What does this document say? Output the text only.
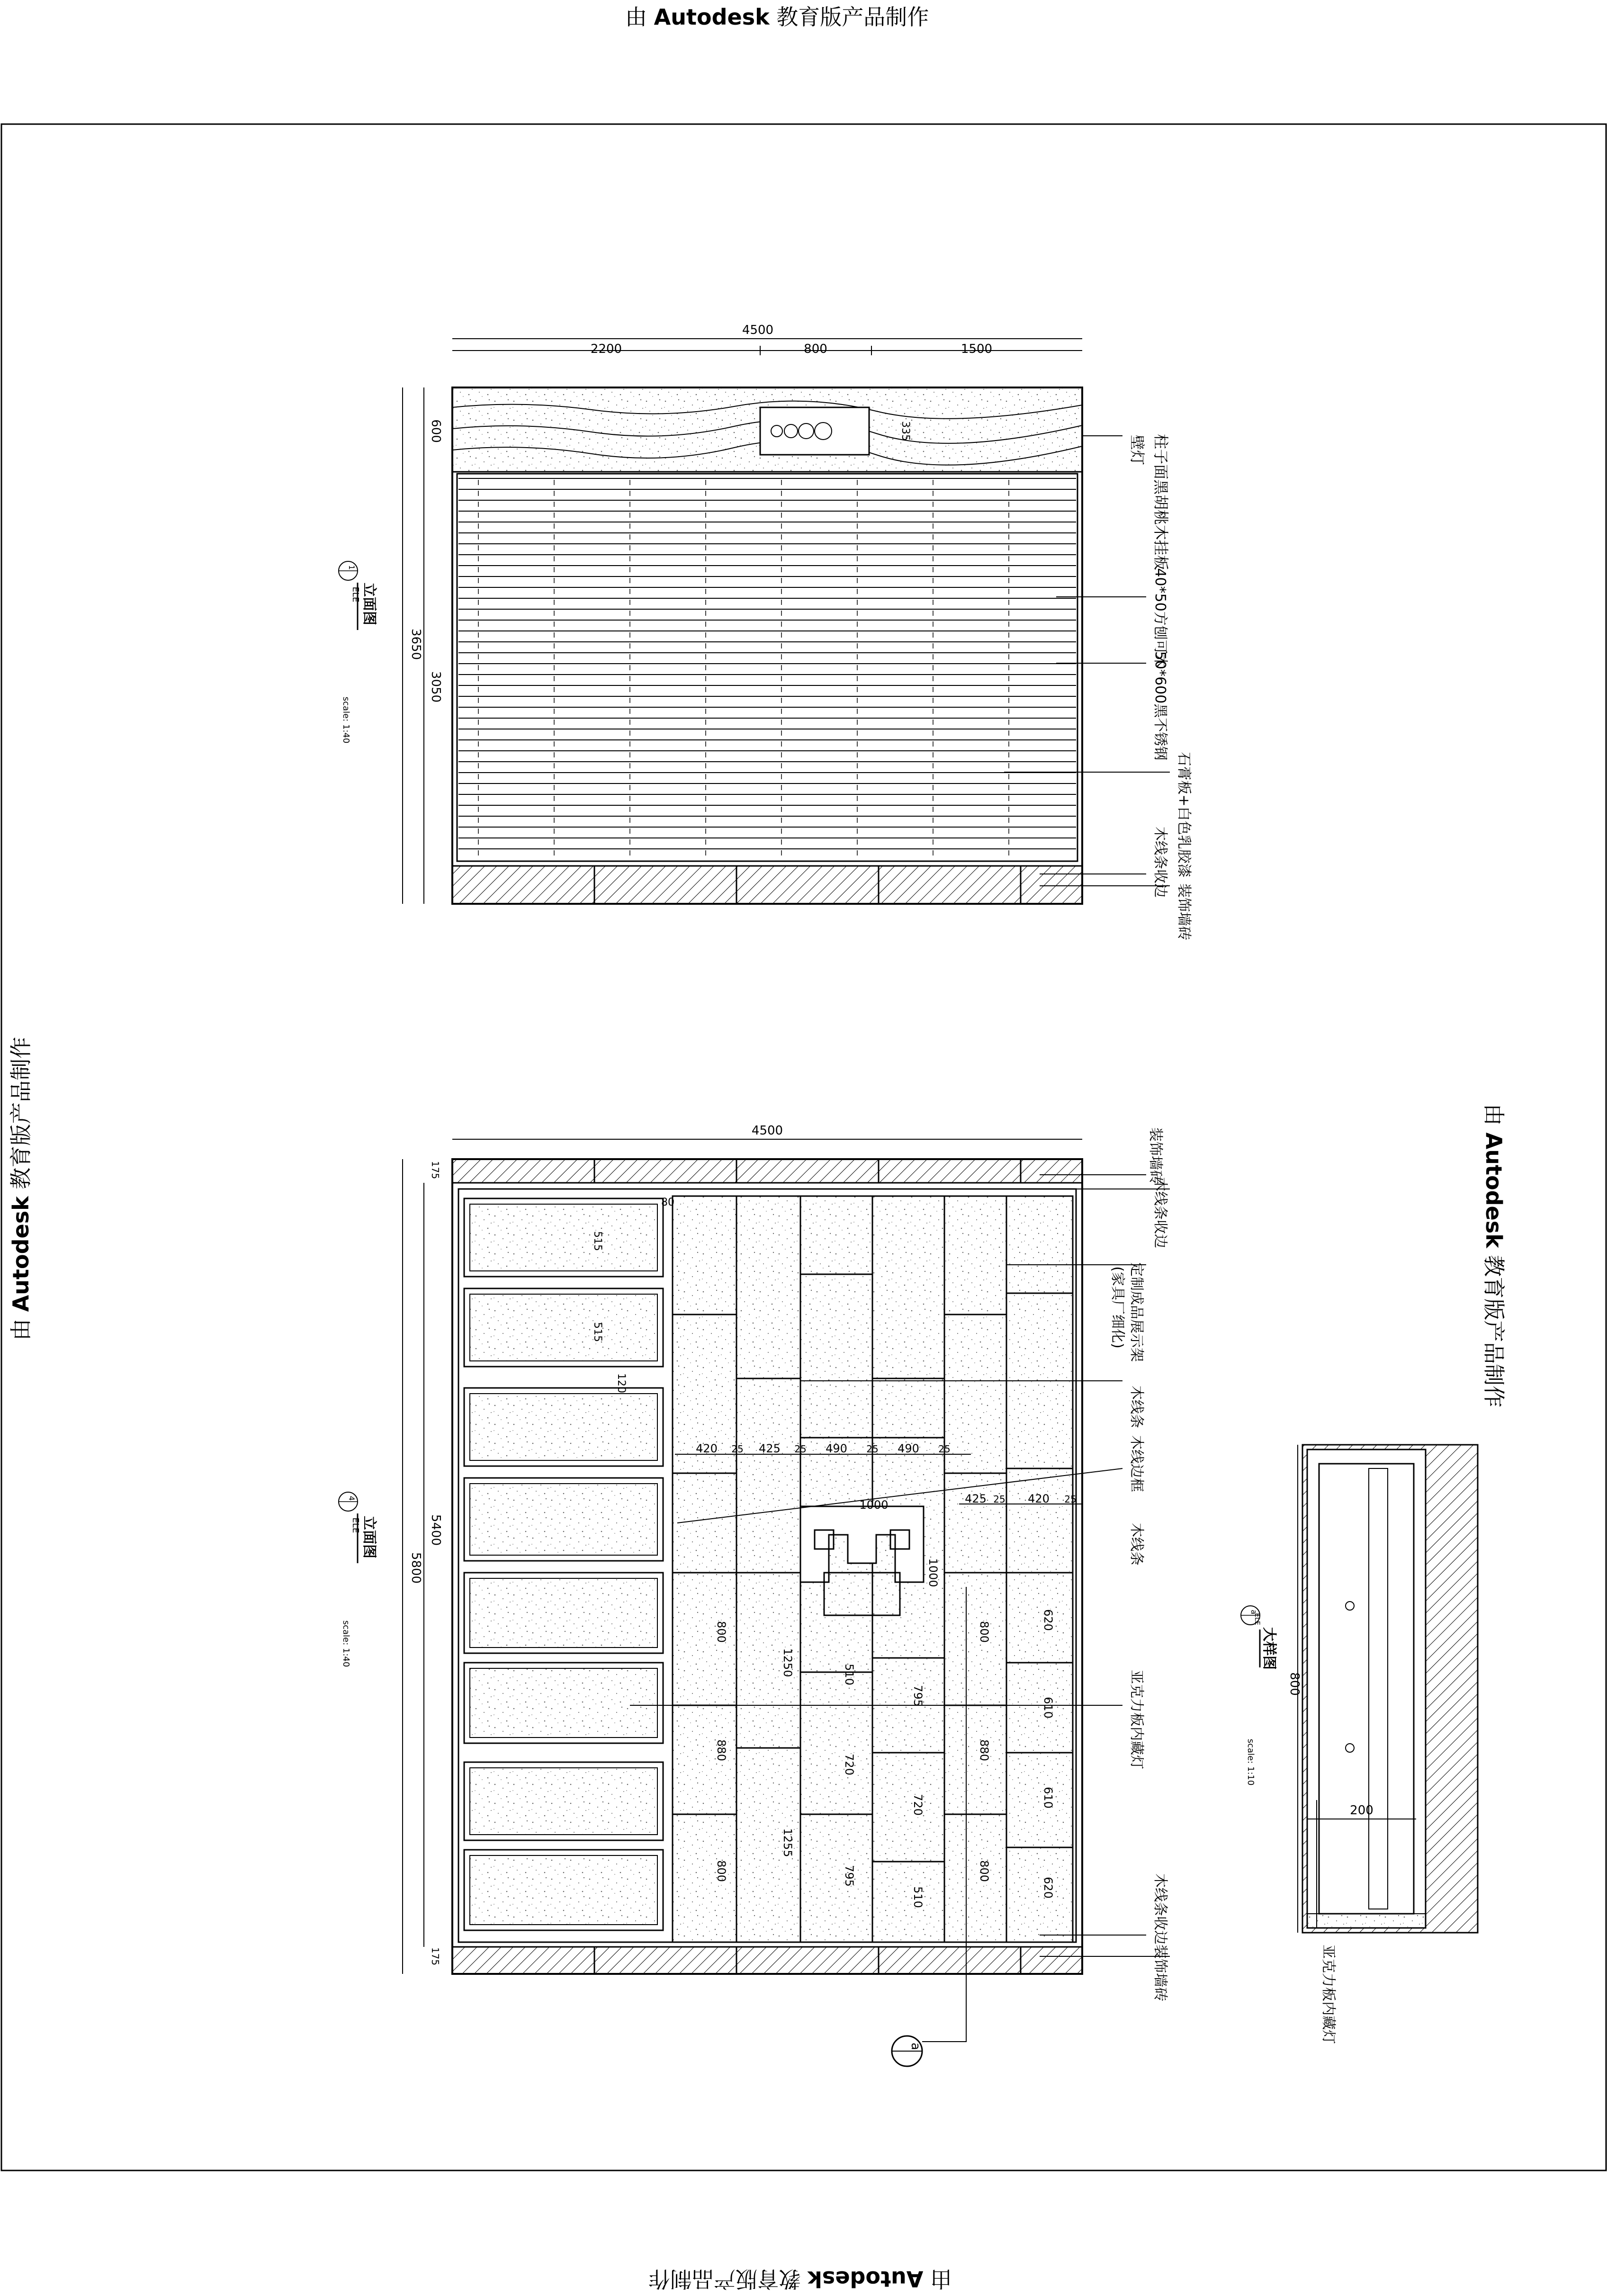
由 Autodesk 教育版产品制作
由 Autodesk 教育版产品制作
由 Autodesk 教育版产品制作
由 Autodesk 教育版产品制作
4500
2200	800	1500
3650
600
3050
335
1
ELE 立面图
scale: 1:40
壁灯 柱子面黑胡桃木挂板
40*50方刨可木
50*600黑不锈钢
石膏板+白色乳胶漆
木线条收边
装饰墙砖
5800
5400
175
175
4500
420 25 425 25 490 25 490 25
425 25 420 25
1000
1000
800
880
800
1250
1255
510
720
795
795
720
510
800
880
800
620
610
610
620
515
515
120
80
4
ELE 立面图
scale: 1:40
a
装饰墙砖
木线条收边
定制成品展示架
(家具厂细化)
木线条
木线边框
木线条
亚克力板内藏灯
木线条收边
装饰墙砖
800
200
a
ELE
大样图
scale: 1:10
亚克力板内藏灯
